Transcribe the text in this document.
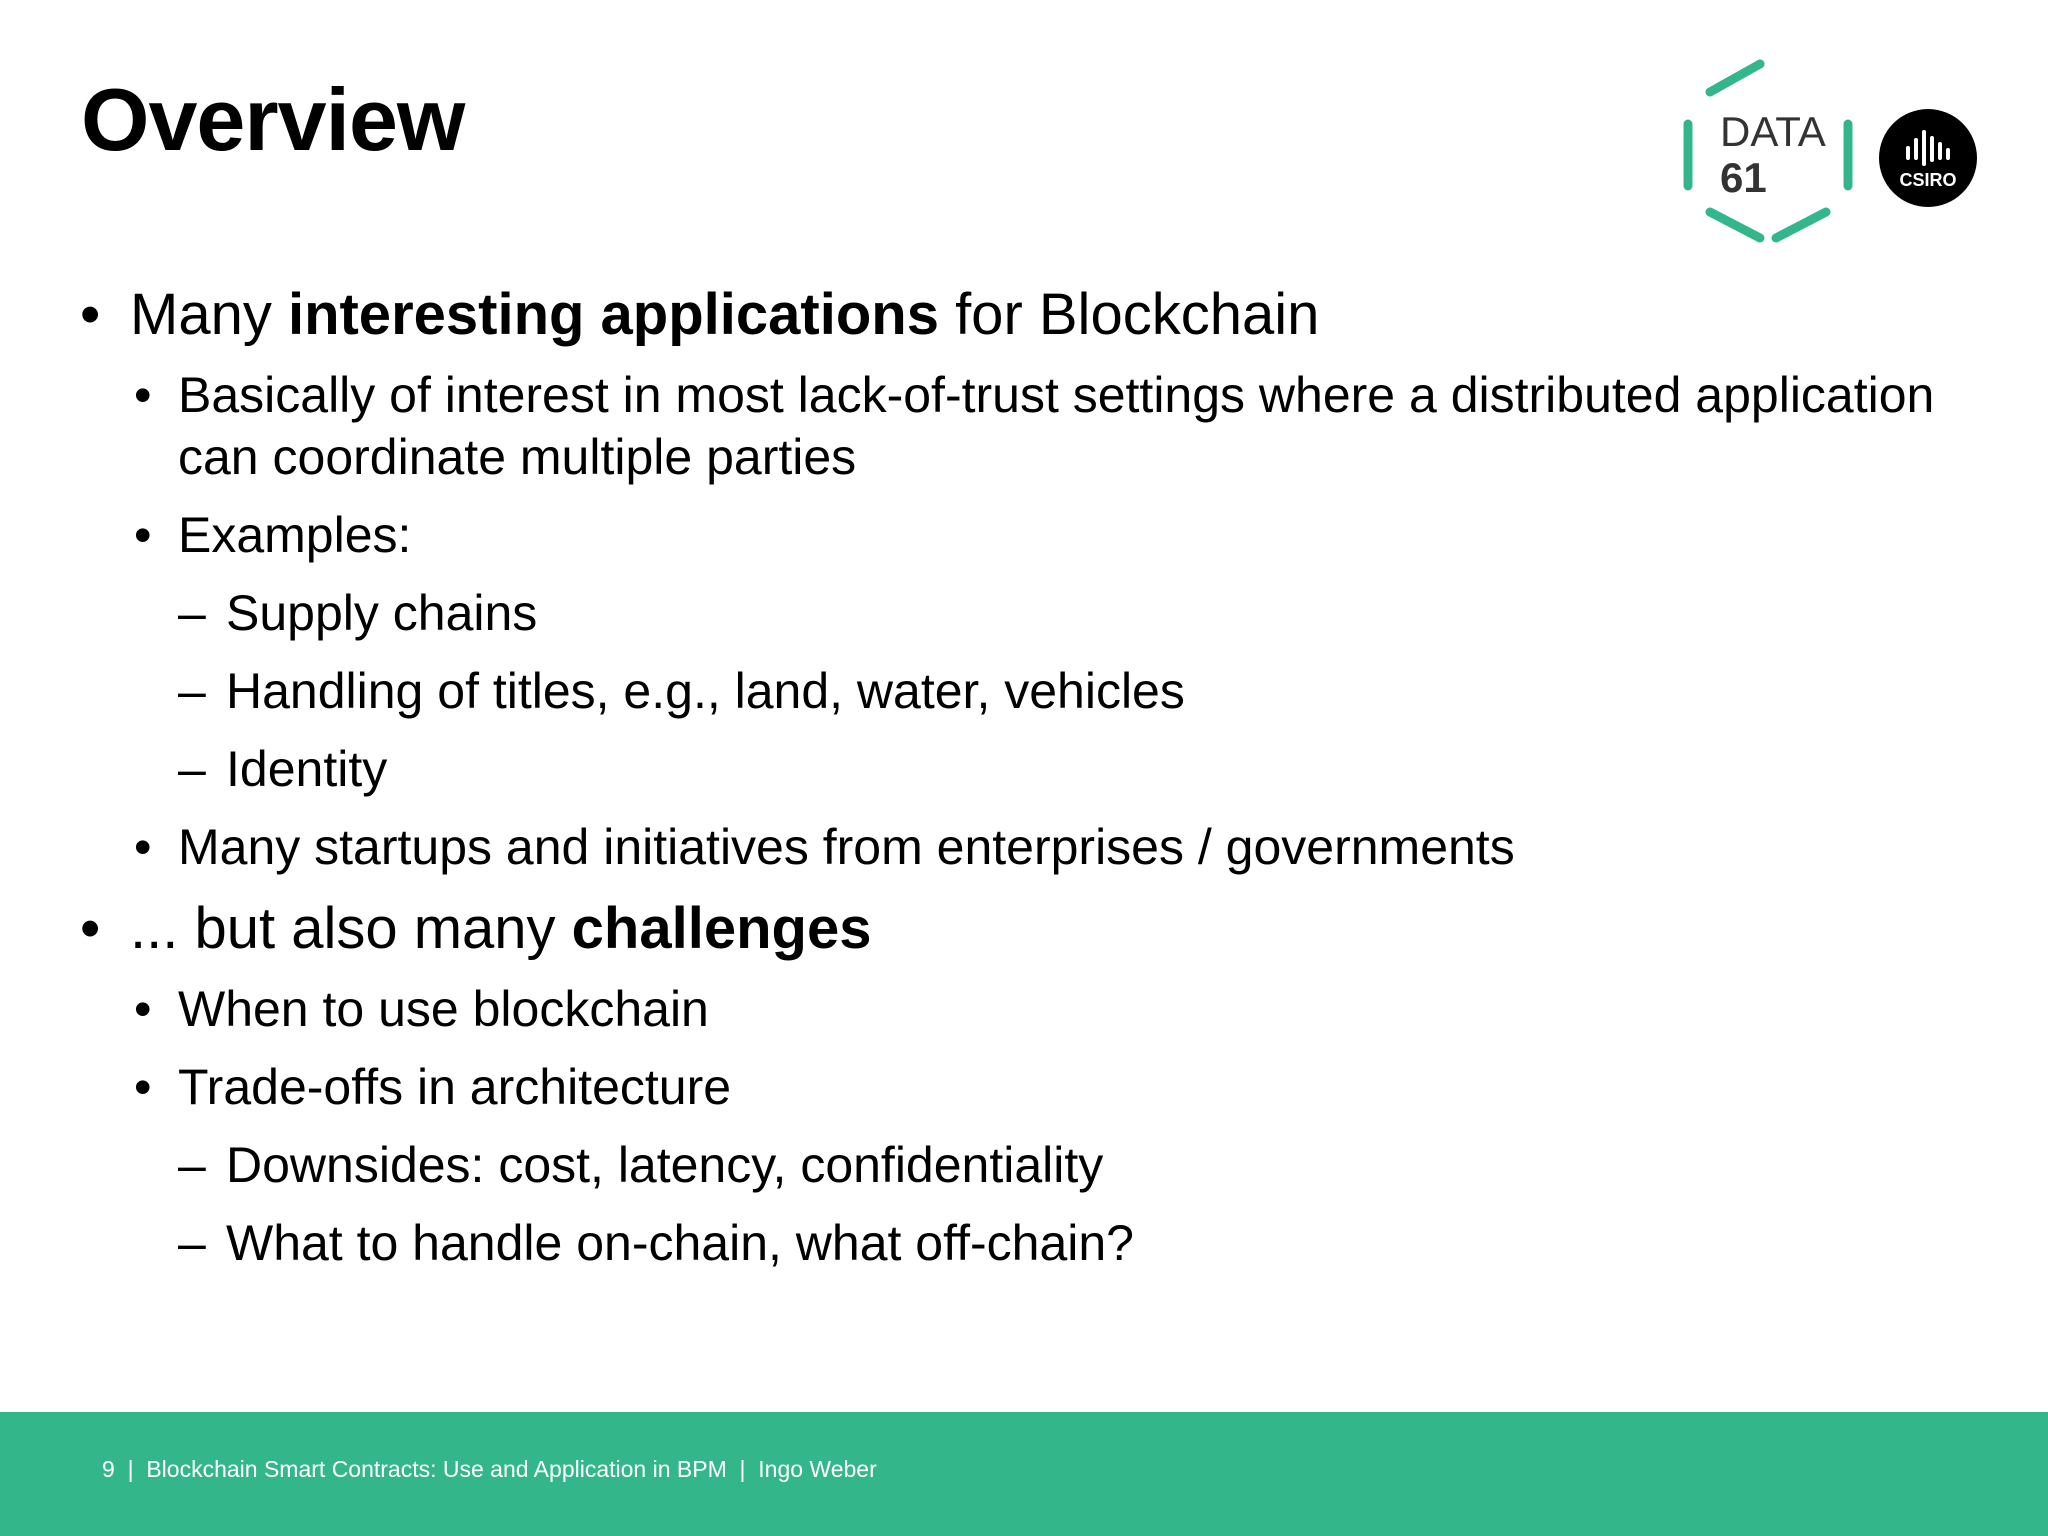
Overview	DATA
61	CSIRO
• Many interesting applications for Blockchain
• Basically of interest in most lack-of-trust settings where a distributed application can coordinate multiple parties
• Examples:
– Supply chains
– Handling of titles, e.g., land, water, vehicles
– Identity
• Many startups and initiatives from enterprises / governments
• ... but also many challenges
• When to use blockchain
• Trade-offs in architecture
– Downsides: cost, latency, confidentiality
– What to handle on-chain, what off-chain?
9  |  Blockchain Smart Contracts: Use and Application in BPM  |  Ingo Weber
